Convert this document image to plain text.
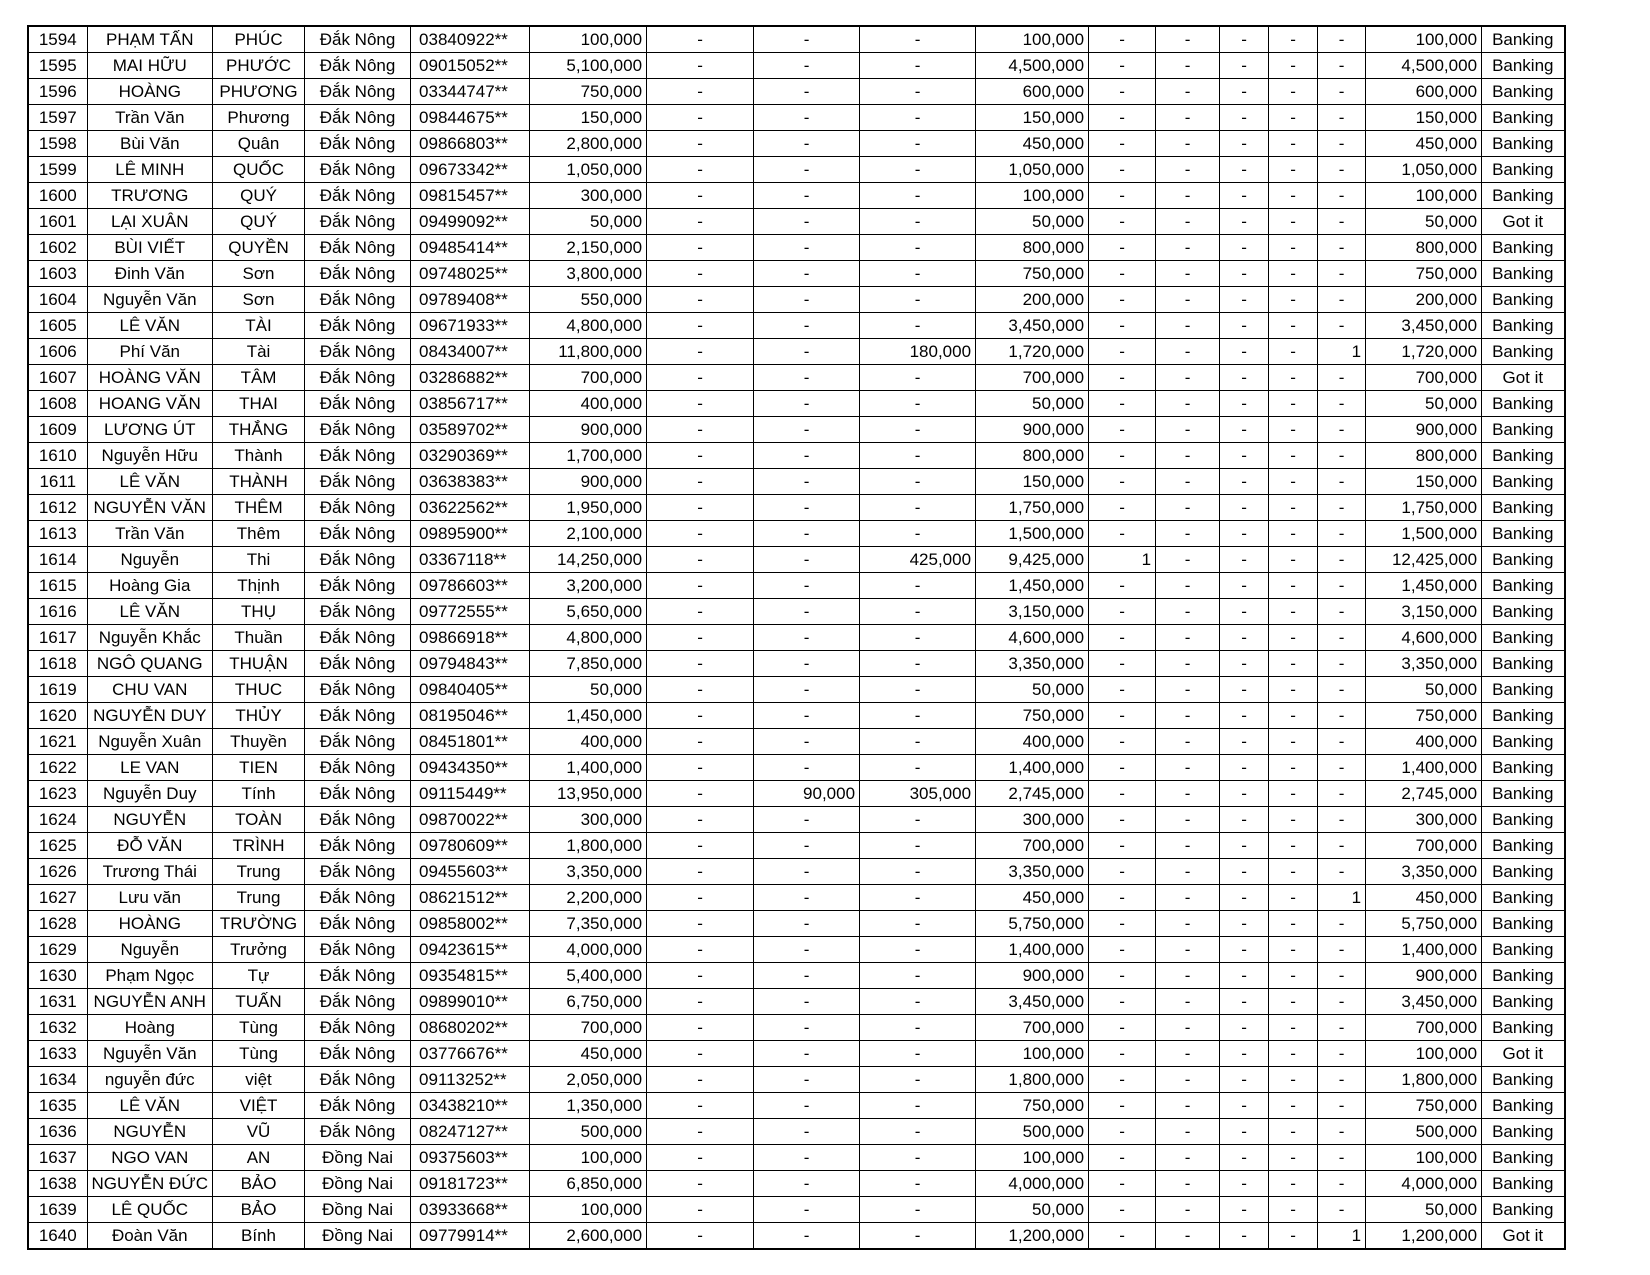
1594	PHẠM TẤN	PHÚC	Đắk Nông	03840922**	100,000	-	-	-	100,000	-	-	-	-	-	100,000	Banking
1595	MAI HỮU	PHƯỚC	Đắk Nông	09015052**	5,100,000	-	-	-	4,500,000	-	-	-	-	-	4,500,000	Banking
1596	HOÀNG	PHƯƠNG	Đắk Nông	03344747**	750,000	-	-	-	600,000	-	-	-	-	-	600,000	Banking
1597	Trần Văn	Phương	Đắk Nông	09844675**	150,000	-	-	-	150,000	-	-	-	-	-	150,000	Banking
1598	Bùi Văn	Quân	Đắk Nông	09866803**	2,800,000	-	-	-	450,000	-	-	-	-	-	450,000	Banking
1599	LÊ MINH	QUỐC	Đắk Nông	09673342**	1,050,000	-	-	-	1,050,000	-	-	-	-	-	1,050,000	Banking
1600	TRƯƠNG	QUÝ	Đắk Nông	09815457**	300,000	-	-	-	100,000	-	-	-	-	-	100,000	Banking
1601	LẠI XUÂN	QUÝ	Đắk Nông	09499092**	50,000	-	-	-	50,000	-	-	-	-	-	50,000	Got it
1602	BÙI VIẾT	QUYỀN	Đắk Nông	09485414**	2,150,000	-	-	-	800,000	-	-	-	-	-	800,000	Banking
1603	Đinh Văn	Sơn	Đắk Nông	09748025**	3,800,000	-	-	-	750,000	-	-	-	-	-	750,000	Banking
1604	Nguyễn Văn	Sơn	Đắk Nông	09789408**	550,000	-	-	-	200,000	-	-	-	-	-	200,000	Banking
1605	LÊ VĂN	TÀI	Đắk Nông	09671933**	4,800,000	-	-	-	3,450,000	-	-	-	-	-	3,450,000	Banking
1606	Phí Văn	Tài	Đắk Nông	08434007**	11,800,000	-	-	180,000	1,720,000	-	-	-	-	1	1,720,000	Banking
1607	HOÀNG VĂN	TÂM	Đắk Nông	03286882**	700,000	-	-	-	700,000	-	-	-	-	-	700,000	Got it
1608	HOANG VĂN	THAI	Đắk Nông	03856717**	400,000	-	-	-	50,000	-	-	-	-	-	50,000	Banking
1609	LƯƠNG ÚT	THẮNG	Đắk Nông	03589702**	900,000	-	-	-	900,000	-	-	-	-	-	900,000	Banking
1610	Nguyễn Hữu	Thành	Đắk Nông	03290369**	1,700,000	-	-	-	800,000	-	-	-	-	-	800,000	Banking
1611	LÊ VĂN	THÀNH	Đắk Nông	03638383**	900,000	-	-	-	150,000	-	-	-	-	-	150,000	Banking
1612	NGUYỄN VĂN	THÊM	Đắk Nông	03622562**	1,950,000	-	-	-	1,750,000	-	-	-	-	-	1,750,000	Banking
1613	Trần Văn	Thêm	Đắk Nông	09895900**	2,100,000	-	-	-	1,500,000	-	-	-	-	-	1,500,000	Banking
1614	Nguyễn	Thi	Đắk Nông	03367118**	14,250,000	-	-	425,000	9,425,000	1	-	-	-	-	12,425,000	Banking
1615	Hoàng Gia	Thịnh	Đắk Nông	09786603**	3,200,000	-	-	-	1,450,000	-	-	-	-	-	1,450,000	Banking
1616	LÊ VĂN	THỤ	Đắk Nông	09772555**	5,650,000	-	-	-	3,150,000	-	-	-	-	-	3,150,000	Banking
1617	Nguyễn Khắc	Thuần	Đắk Nông	09866918**	4,800,000	-	-	-	4,600,000	-	-	-	-	-	4,600,000	Banking
1618	NGÔ QUANG	THUẬN	Đắk Nông	09794843**	7,850,000	-	-	-	3,350,000	-	-	-	-	-	3,350,000	Banking
1619	CHU VAN	THUC	Đắk Nông	09840405**	50,000	-	-	-	50,000	-	-	-	-	-	50,000	Banking
1620	NGUYỄN DUY	THỦY	Đắk Nông	08195046**	1,450,000	-	-	-	750,000	-	-	-	-	-	750,000	Banking
1621	Nguyễn Xuân	Thuyền	Đắk Nông	08451801**	400,000	-	-	-	400,000	-	-	-	-	-	400,000	Banking
1622	LE VAN	TIEN	Đắk Nông	09434350**	1,400,000	-	-	-	1,400,000	-	-	-	-	-	1,400,000	Banking
1623	Nguyễn Duy	Tính	Đắk Nông	09115449**	13,950,000	-	90,000	305,000	2,745,000	-	-	-	-	-	2,745,000	Banking
1624	NGUYỄN	TOÀN	Đắk Nông	09870022**	300,000	-	-	-	300,000	-	-	-	-	-	300,000	Banking
1625	ĐỖ VĂN	TRÌNH	Đắk Nông	09780609**	1,800,000	-	-	-	700,000	-	-	-	-	-	700,000	Banking
1626	Trương Thái	Trung	Đắk Nông	09455603**	3,350,000	-	-	-	3,350,000	-	-	-	-	-	3,350,000	Banking
1627	Lưu văn	Trung	Đắk Nông	08621512**	2,200,000	-	-	-	450,000	-	-	-	-	1	450,000	Banking
1628	HOÀNG	TRƯỜNG	Đắk Nông	09858002**	7,350,000	-	-	-	5,750,000	-	-	-	-	-	5,750,000	Banking
1629	Nguyễn	Trưởng	Đắk Nông	09423615**	4,000,000	-	-	-	1,400,000	-	-	-	-	-	1,400,000	Banking
1630	Phạm Ngọc	Tự	Đắk Nông	09354815**	5,400,000	-	-	-	900,000	-	-	-	-	-	900,000	Banking
1631	NGUYỄN ANH	TUẤN	Đắk Nông	09899010**	6,750,000	-	-	-	3,450,000	-	-	-	-	-	3,450,000	Banking
1632	Hoàng	Tùng	Đắk Nông	08680202**	700,000	-	-	-	700,000	-	-	-	-	-	700,000	Banking
1633	Nguyễn Văn	Tùng	Đắk Nông	03776676**	450,000	-	-	-	100,000	-	-	-	-	-	100,000	Got it
1634	nguyễn đức	việt	Đắk Nông	09113252**	2,050,000	-	-	-	1,800,000	-	-	-	-	-	1,800,000	Banking
1635	LÊ VĂN	VIỆT	Đắk Nông	03438210**	1,350,000	-	-	-	750,000	-	-	-	-	-	750,000	Banking
1636	NGUYỄN	VŨ	Đắk Nông	08247127**	500,000	-	-	-	500,000	-	-	-	-	-	500,000	Banking
1637	NGO VAN	AN	Đồng Nai	09375603**	100,000	-	-	-	100,000	-	-	-	-	-	100,000	Banking
1638	NGUYỄN ĐỨC	BẢO	Đồng Nai	09181723**	6,850,000	-	-	-	4,000,000	-	-	-	-	-	4,000,000	Banking
1639	LÊ QUỐC	BẢO	Đồng Nai	03933668**	100,000	-	-	-	50,000	-	-	-	-	-	50,000	Banking
1640	Đoàn Văn	Bính	Đồng Nai	09779914**	2,600,000	-	-	-	1,200,000	-	-	-	-	1	1,200,000	Got it
